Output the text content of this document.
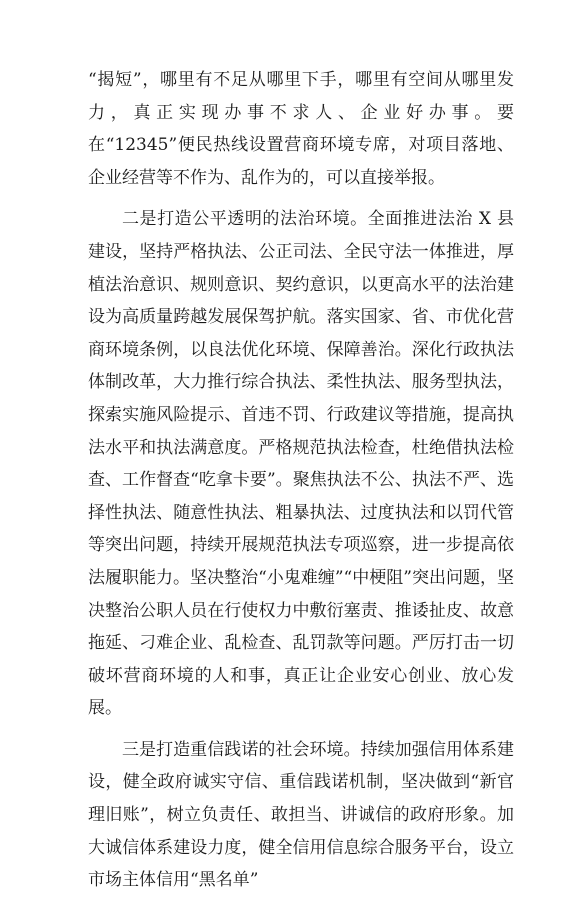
“揭短”，哪里有不足从哪里下手，哪里有空间从哪里发力，真正实现办事不求人、企业好办事。要在“12345”便民热线设置营商环境专席，对项目落地、企业经营等不作为、乱作为的，可以直接举报。

二是打造公平透明的法治环境。全面推进法治 X 县建设，坚持严格执法、公正司法、全民守法一体推进，厚植法治意识、规则意识、契约意识，以更高水平的法治建设为高质量跨越发展保驾护航。落实国家、省、市优化营商环境条例，以良法优化环境、保障善治。深化行政执法体制改革，大力推行综合执法、柔性执法、服务型执法，探索实施风险提示、首违不罚、行政建议等措施，提高执法水平和执法满意度。严格规范执法检查，杜绝借执法检查、工作督查“吃拿卡要”。聚焦执法不公、执法不严、选择性执法、随意性执法、粗暴执法、过度执法和以罚代管等突出问题，持续开展规范执法专项巡察，进一步提高依法履职能力。坚决整治“小鬼难缠”“中梗阻”突出问题，坚决整治公职人员在行使权力中敷衍塞责、推诿扯皮、故意拖延、刁难企业、乱检查、乱罚款等问题。严厉打击一切破坏营商环境的人和事，真正让企业安心创业、放心发展。

三是打造重信践诺的社会环境。持续加强信用体系建设，健全政府诚实守信、重信践诺机制，坚决做到“新官理旧账”，树立负责任、敢担当、讲诚信的政府形象。加大诚信体系建设力度，健全信用信息综合服务平台，设立市场主体信用“黑名单”
